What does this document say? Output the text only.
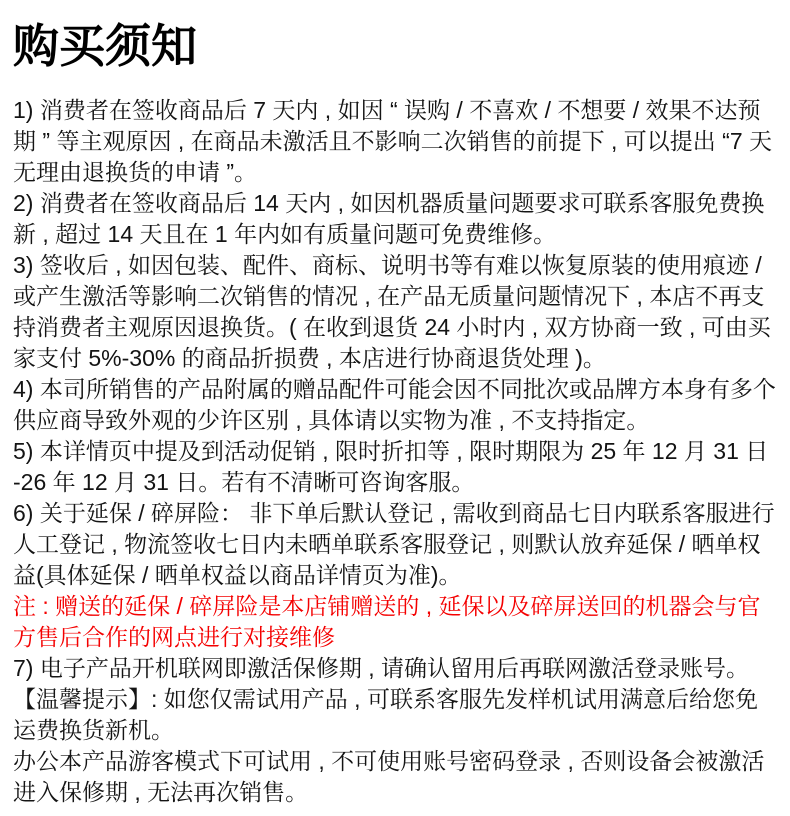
购买须知

1) 消费者在签收商品后 7 天内 , 如因 “ 误购 / 不喜欢 / 不想要 / 效果不达预期 ” 等主观原因 , 在商品未激活且不影响二次销售的前提下 , 可以提出 “7 天无理由退换货的申请 ”。

2) 消费者在签收商品后 14 天内 , 如因机器质量问题要求可联系客服免费换新 , 超过 14 天且在 1 年内如有质量问题可免费维修。

3) 签收后 , 如因包装、配件、商标、说明书等有难以恢复原装的使用痕迹 / 或产生激活等影响二次销售的情况 , 在产品无质量问题情况下 , 本店不再支持消费者主观原因退换货。( 在收到退货 24 小时内 , 双方协商一致 , 可由买家支付 5%-30% 的商品折损费 , 本店进行协商退货处理 )。

4) 本司所销售的产品附属的赠品配件可能会因不同批次或品牌方本身有多个供应商导致外观的少许区别 , 具体请以实物为准 , 不支持指定。

5) 本详情页中提及到活动促销 , 限时折扣等 , 限时期限为 25 年 12 月 31 日 -26 年 12 月 31 日。若有不清晰可咨询客服。

6) 关于延保 / 碎屏险： 非下单后默认登记 , 需收到商品七日内联系客服进行人工登记 , 物流签收七日内未晒单联系客服登记 , 则默认放弃延保 / 晒单权益(具体延保 / 晒单权益以商品详情页为准)。

注 : 赠送的延保 / 碎屏险是本店铺赠送的 , 延保以及碎屏送回的机器会与官方售后合作的网点进行对接维修

7) 电子产品开机联网即激活保修期 , 请确认留用后再联网激活登录账号。

【温馨提示】: 如您仅需试用产品 , 可联系客服先发样机试用满意后给您免运费换货新机。

办公本产品游客模式下可试用 , 不可使用账号密码登录 , 否则设备会被激活进入保修期 , 无法再次销售。
